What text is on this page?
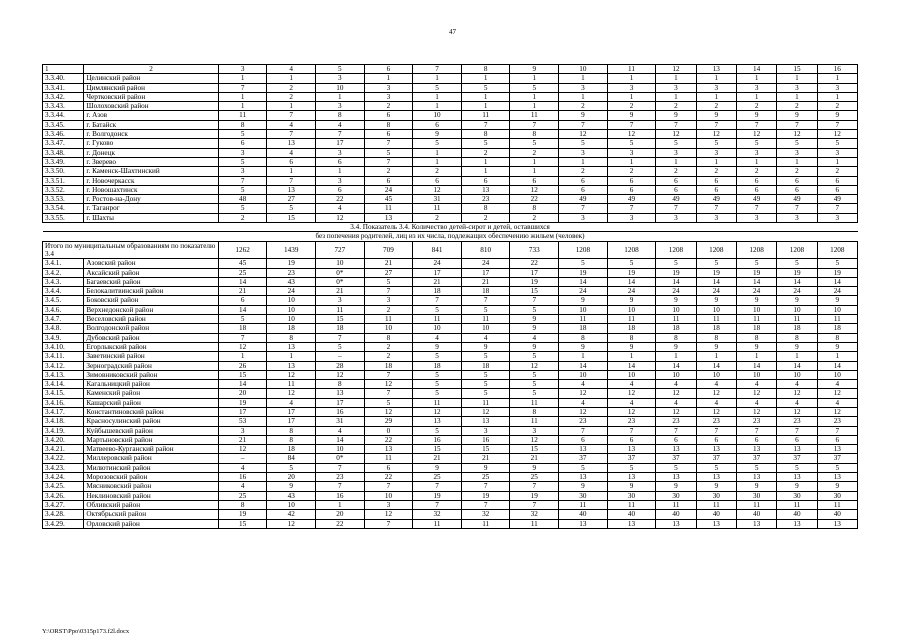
47
1	2	3	4	5	6	7	8	9	10	11	12	13	14	15	16
3.3.40.	Целинский район	1	1	3	1	1	1	1	1	1	1	1	1	1	1
3.3.41.	Цимлянский район	7	2	10	3	5	5	5	3	3	3	3	3	3	3
3.3.42.	Чертковский район	1	2	1	3	1	1	1	1	1	1	1	1	1	1
3.3.43.	Шолоховский район	1	1	3	2	1	1	1	2	2	2	2	2	2	2
3.3.44.	г. Азов	11	7	8	6	10	11	11	9	9	9	9	9	9	9
3.3.45.	г. Батайск	8	4	4	8	6	7	7	7	7	7	7	7	7	7
3.3.46.	г. Волгодонск	5	7	7	6	9	8	8	12	12	12	12	12	12	12
3.3.47.	г. Гуково	6	13	17	7	5	5	5	5	5	5	5	5	5	5
3.3.48.	г. Донецк	3	4	3	5	1	2	2	3	3	3	3	3	3	3
3.3.49.	г. Зверево	5	6	6	7	1	1	1	1	1	1	1	1	1	1
3.3.50.	г. Каменск-Шахтинский	3	1	1	2	2	1	1	2	2	2	2	2	2	2
3.3.51.	г. Новочеркасск	7	7	3	6	6	6	6	6	6	6	6	6	6	6
3.3.52.	г. Новошахтинск	5	13	6	24	12	13	12	6	6	6	6	6	6	6
3.3.53.	г. Ростов-на-Дону	48	27	22	45	31	23	22	49	49	49	49	49	49	49
3.3.54.	г. Таганрог	5	5	4	11	11	8	8	7	7	7	7	7	7	7
3.3.55.	г. Шахты	2	15	12	13	2	2	2	3	3	3	3	3	3	3
3.4. Показатель 3.4. Количество детей-сирот и детей, оставшихся															
без попечения родителей, лиц из их числа, подлежащих обеспечению жильем (человек)															
Итого по муниципальным образованиям по показателю 3.4		1262	1439	727	709	841	810	733	1208	1208	1208	1208	1208	1208	1208
3.4.1.	Азовский район	45	19	10	21	24	24	22	5	5	5	5	5	5	5
3.4.2.	Аксайский район	25	23	0*	27	17	17	17	19	19	19	19	19	19	19
3.4.3.	Багаевский район	14	43	0*	5	21	21	19	14	14	14	14	14	14	14
3.4.4.	Белокалитвинский район	21	24	21	7	18	18	15	24	24	24	24	24	24	24
3.4.5.	Боковский район	6	10	3	3	7	7	7	9	9	9	9	9	9	9
3.4.6.	Верхнедонской район	14	10	11	2	5	5	5	10	10	10	10	10	10	10
3.4.7.	Веселовский район	5	10	15	11	11	11	9	11	11	11	11	11	11	11
3.4.8.	Волгодонской район	18	18	18	10	10	10	9	18	18	18	18	18	18	18
3.4.9.	Дубовский район	7	8	7	8	4	4	4	8	8	8	8	8	8	8
3.4.10.	Егорлыкский район	12	13	5	2	9	9	9	9	9	9	9	9	9	9
3.4.11.	Заветинский район	1	1	–	2	5	5	5	1	1	1	1	1	1	1
3.4.12.	Зерноградский район	26	13	28	18	18	18	12	14	14	14	14	14	14	14
3.4.13.	Зимовниковский район	15	12	12	7	5	5	5	10	10	10	10	10	10	10
3.4.14.	Кагальницкий район	14	11	8	12	5	5	5	4	4	4	4	4	4	4
3.4.15.	Каменский район	20	12	13	7	5	5	5	12	12	12	12	12	12	12
3.4.16.	Кашарский район	19	4	17	5	11	11	11	4	4	4	4	4	4	4
3.4.17.	Константиновский район	17	17	16	12	12	12	8	12	12	12	12	12	12	12
3.4.18.	Красносулинский район	53	17	31	29	13	13	11	23	23	23	23	23	23	23
3.4.19.	Куйбышевский район	3	8	4	0	5	3	3	7	7	7	7	7	7	7
3.4.20.	Мартыновский район	21	8	14	22	16	16	12	6	6	6	6	6	6	6
3.4.21.	Матвеево-Курганский район	12	18	10	13	15	15	15	13	13	13	13	13	13	13
3.4.22.	Миллеровский район	–	84	0*	11	21	21	21	37	37	37	37	37	37	37
3.4.23.	Милютинский район	4	5	7	6	9	9	9	5	5	5	5	5	5	5
3.4.24.	Морозовский район	16	20	23	22	25	25	25	13	13	13	13	13	13	13
3.4.25.	Мясниковский район	4	9	7	7	7	7	7	9	9	9	9	9	9	9
3.4.26.	Неклиновский район	25	43	16	10	19	19	19	30	30	30	30	30	30	30
3.4.27.	Обливский район	8	10	1	3	7	7	7	11	11	11	11	11	11	11
3.4.28.	Октябрьский район	19	42	20	12	32	32	32	40	40	40	40	40	40	40
3.4.29.	Орловский район	15	12	22	7	11	11	11	13	13	13	13	13	13	13
Y:\ORST\Ppo\0315p173.f2l.docx
